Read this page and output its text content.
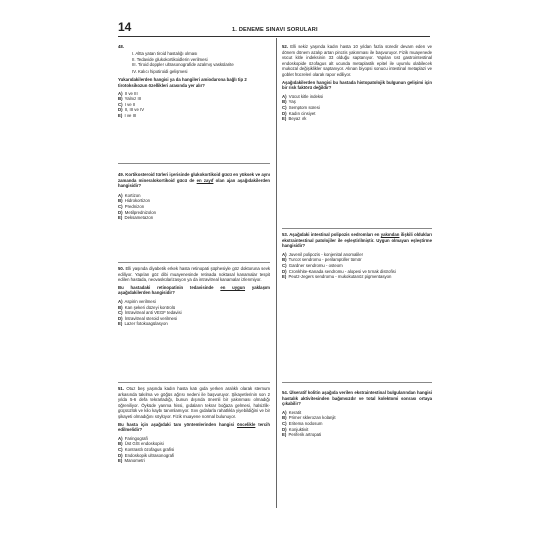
14	1. DENEME SINAVI SORULARI
48.
I. Altta yatan tiroid hastalığı olması
II. Tedavide glukokortikoidlerin verilmesi
III. Tiroid doppler ultrasonografide azalmış vaskülarite
IV. Kalıcı hipotiroidi gelişmesi
Yukarıdakilerden hangisi ya da hangileri amiodarona bağlı tip 2 tirotoksikozun özellikleri arasında yer alır?
A) II ve III
B) Yalnız III
C) I ve II
D) II, III ve IV
E) I ve III
49. Kortikosteroid türleri içerisinde glukokortikoid gücü en yüksek ve aynı zamanda mineralokortikoid gücü de en zayıf olan ajan aşağıdakilerden hangisidir?
A) Kortizon
B) Hidrokortizon
C) Prednizon
D) Metilprednizolon
E) Deksametazon
50. Elli yaşında diyabetik erkek hasta retinopati şüphesiyle göz doktoruna sevk ediliyor. Yapılan göz dibi muayenesinde retinada noktasal kanamalar tespit edilen hastada, neovaskülarizasyon ya da intravitreal kanamalar izlenmiyor.
Bu hastadaki retinopatinin tedavisinde en uygun yaklaşım aşağıdakilerden hangisidir?
A) Aspirin verilmesi
B) Kan şekeri düzeyi kontrolü
C) İntravitreal anti VEGF tedavisi
D) İntravitreal steroid verilmesi
E) Lazer fotokoagülasyon
51. Otuz beş yaşında kadın hasta katı gıda yerken aralıklı olarak sternum arkasında takılma ve göğüs ağrısı nedeni ile başvuruyor. Şikayetlerinin son 2 yılda 5-6 defa tekrarladığı, bunun dışında önemli bir yakınması olmadığı öğreniliyor. Öyküde yanma hissi, gıdaların tekrar boğaza gelmesi, halsizlik-güçsüzlük ve kilo kaybı tanımlamıyor. Sıvı gıdalarla rahatlıkla yiyebildiğini ve bir şikayeti olmadığını söylüyor. Fizik muayene normal bulunuyor.
Bu hasta için aşağıdaki tanı yöntemlerinden hangisi öncelikle tercih edilmelidir?
A) Faringografi
B) Üst GİS endoskopisi
C) Kontrastlı özofagus grafisi
D) Endoskopik ultrasonografi
E) Manometri
52. Elli sekiz yaşında kadın hasta 10 yıldan fazla süredir devam eden ve dönem dönem azalıp artan pirozis yakınması ile başvuruyor. Fizik muayenede vücut kitle indeksinin 33 olduğu saptanıyor. Yapılan üst gastrointestinal endoskopide özofagus alt ucunda metaplastik epitel ile uyumlu olabilecek mukozal değişiklikler saptanıyor. Alınan biyopsi sonucu intestinal metaplazi ve goblet hücreleri olarak rapor ediliyor.
Aşağıdakilerden hangisi bu hastada histopatolojik bulgunun gelişimi için bir risk faktörü değildir?
A) Vücut kitle indeksi
B) Yaş
C) Semptom süresi
D) Kadın cinsiyet
E) Beyaz ırk
53. Aşağıdaki intestinal polipozis sedromları en yakından ilişkili oldukları ekstraintestinal patolojiler ile eşleştirilmiştir. Uygun olmayan eşleştirme hangisidir?
A) Juvenil polipozis - konjenital anomaliler
B) Turcot sendromu - perilampüller tümör
C) Gardner sendromu - osteom
D) Cronkhite-Kanada sendromu - alopesi ve tırnak distrofisi
E) Peutz-Jegers sendromu - mukokutanöz pigmentasyon
54. Ülseratif kolitin aşağıda verilen ekstraintestinal bulgularından hangisi hastalık aktivitesinden bağımsızdır ve total kolektomi sonrası ortaya çıkabilir?
A) Keratit
B) Primer sklerozan kolanjit
C) Eritema nodosum
D) Konjuktivit
E) Periferik artropati
